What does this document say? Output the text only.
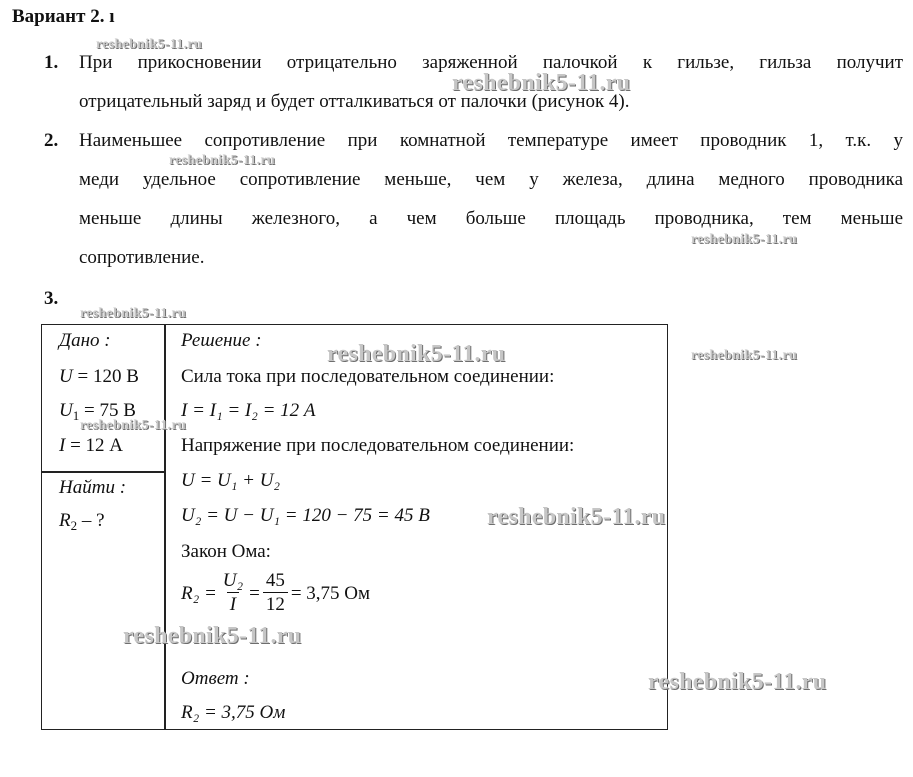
Вариант 2. ı
1. При прикосновении отрицательно заряженной палочкой к гильзе, гильза получит
отрицательный заряд и будет отталкиваться от палочки (рисунок 4).
2. Наименьшее сопротивление при комнатной температуре имеет проводник 1, т.к. у
меди удельное сопротивление меньше, чем у железа, длина медного проводника
меньше длины железного, а чем больше площадь проводника, тем меньше
сопротивление.
3.
Дано :
U = 120 В
$U_1 = 75$ В
I = 12 А
Найти :
$R_2$ – ?
Решение :
Сила тока при последовательном соединении:
I = I₁ = I₂ = 12 А
Напряжение при последовательном соединении:
U = U₁ + U₂
U₂ = U − U₁ = 120 − 75 = 45 В
Закон Ома:
$R_2 = \frac{\text{U₂}}{I} = \frac{45}{12} = 3,75$ Ом
Ответ :
R₂ = 3,75 Ом
reshebnik5-11.ru
reshebnik5-11.ru
reshebnik5-11.ru
reshebnik5-11.ru
reshebnik5-11.ru
reshebnik5-11.ru	reshebnik5-11.ru
reshebnik5-11.ru
reshebnik5-11.ru
reshebnik5-11.ru
reshebnik5-11.ru
